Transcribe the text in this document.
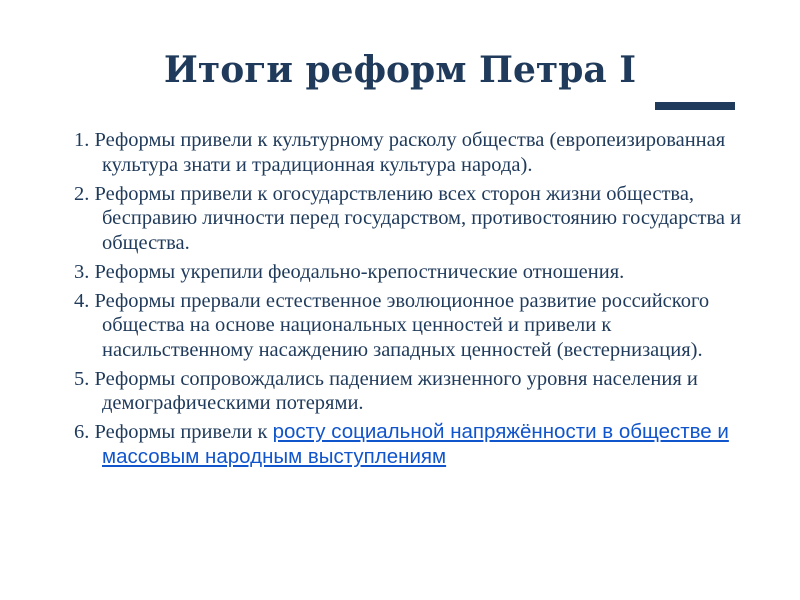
Итоги реформ Петра I
1. Реформы привели к культурному расколу общества (европеизированная культура знати и традиционная культура народа).
2. Реформы привели к огосударствлению всех сторон жизни общества, бесправию личности перед государством, противостоянию государства и общества.
3. Реформы укрепили феодально-крепостнические отношения.
4. Реформы прервали естественное эволюционное развитие российского общества на основе национальных ценностей и привели к насильственному насаждению западных ценностей (вестернизация).
5. Реформы сопровождались падением жизненного уровня населения и демографическими потерями.
6. Реформы привели к росту социальной напряжённости в обществе и массовым народным выступлениям
